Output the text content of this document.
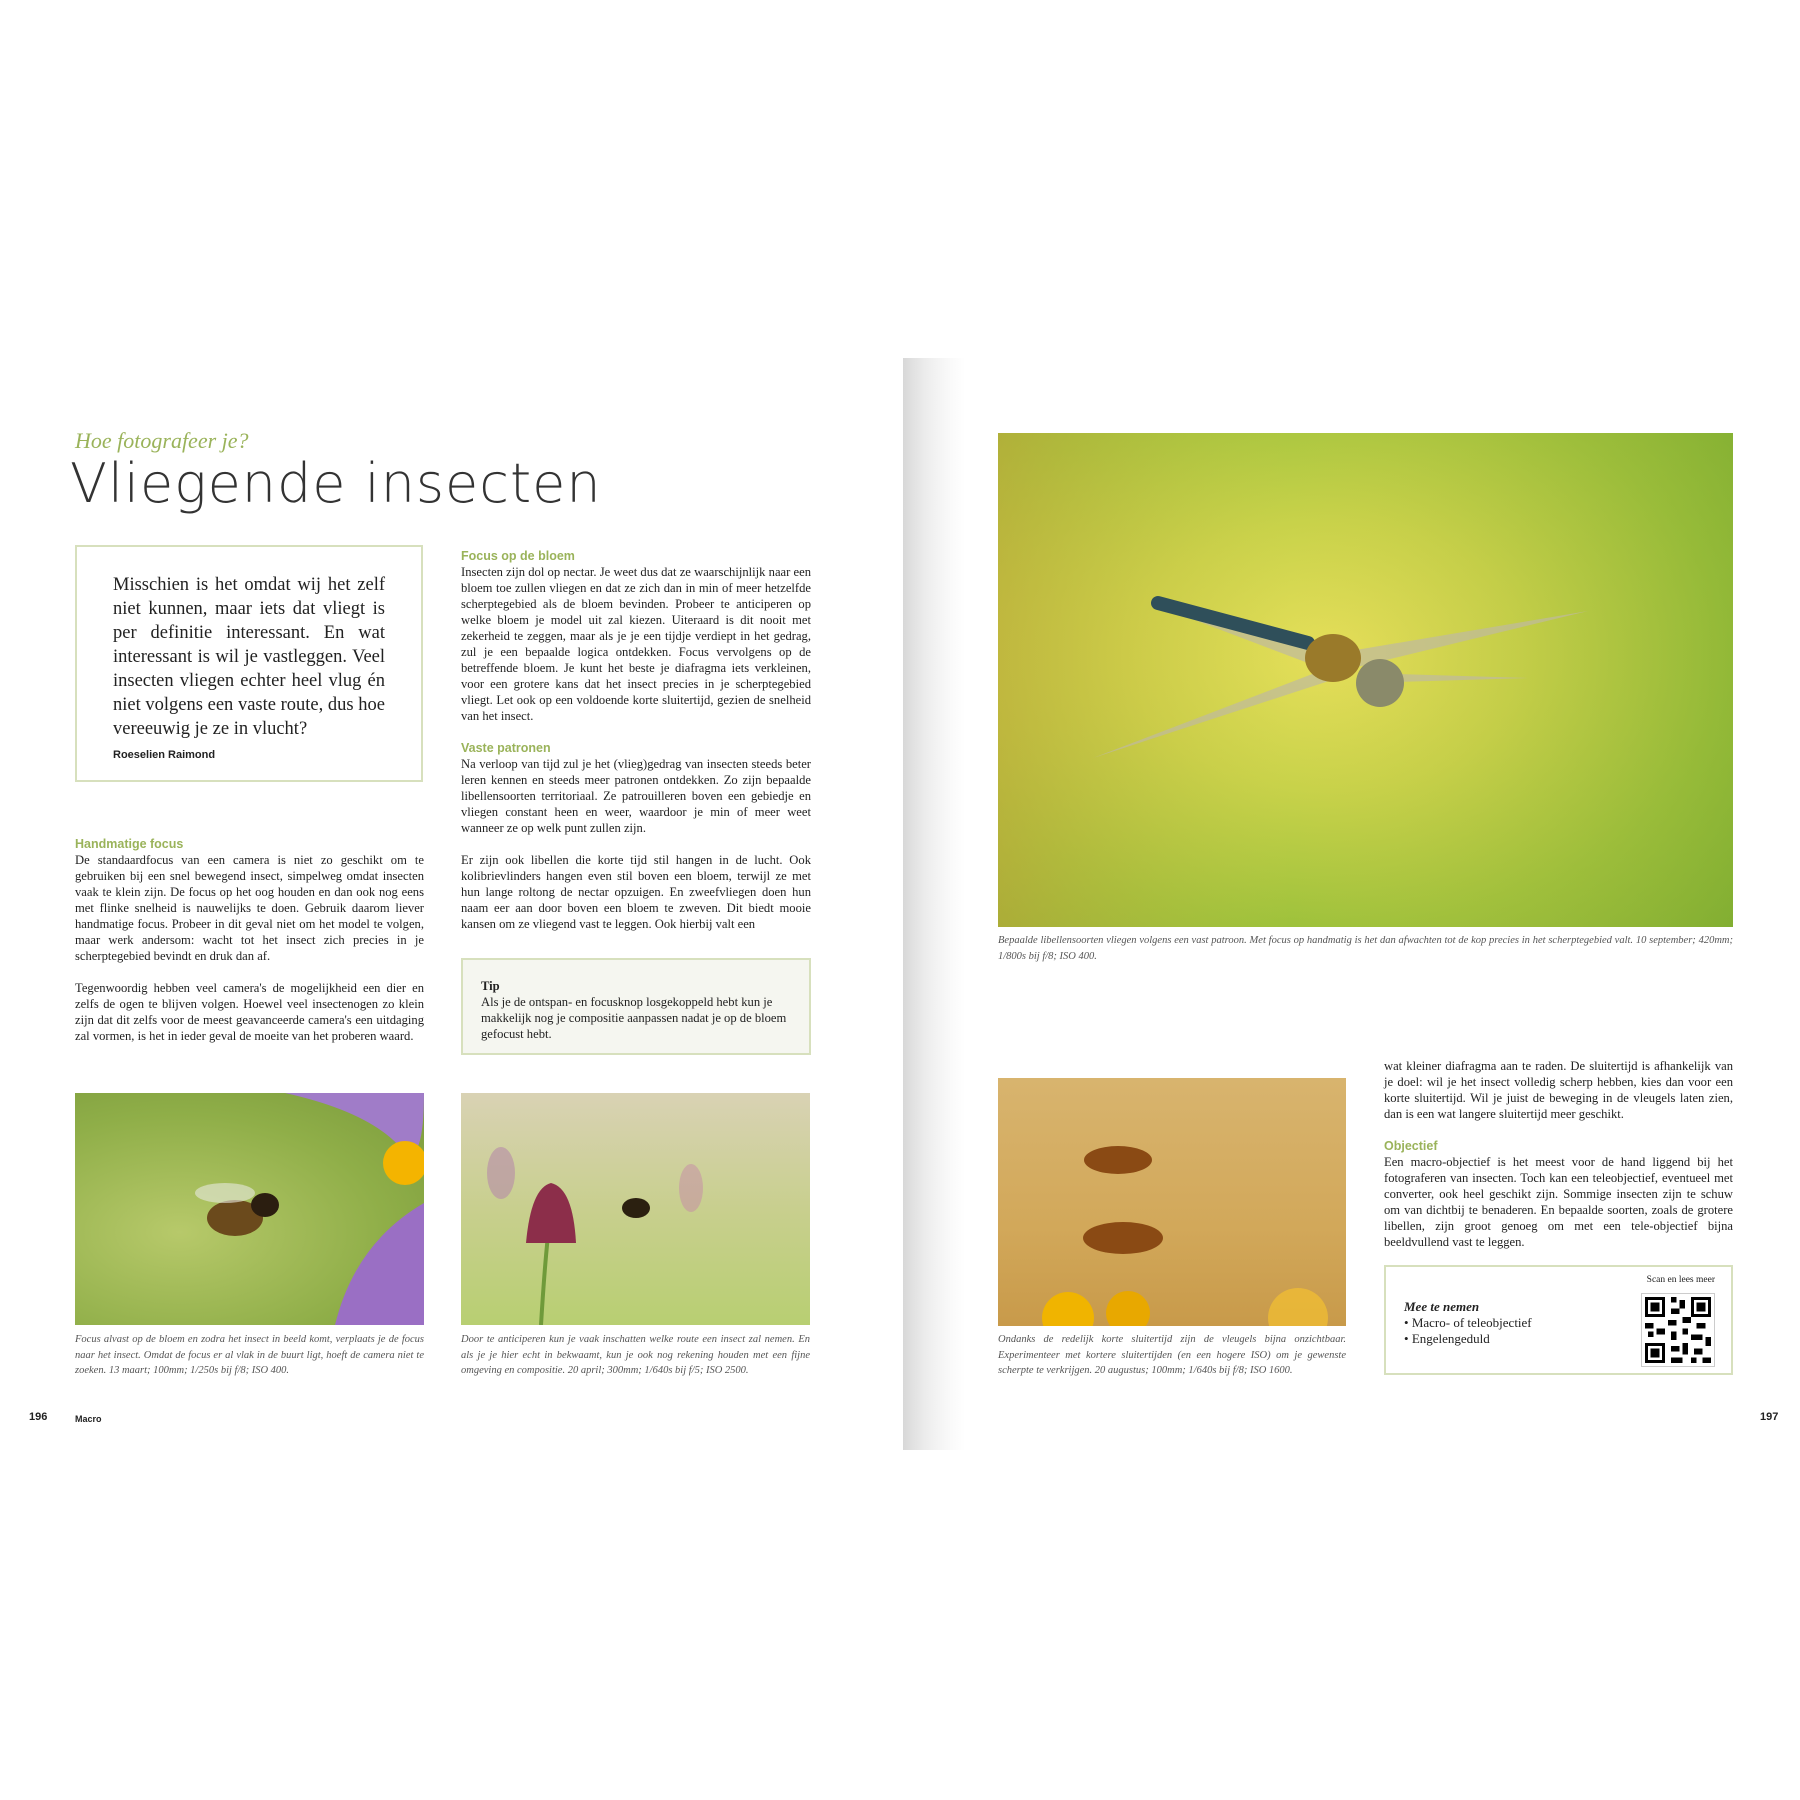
Hoe fotografeer je?
Vliegende insecten
Misschien is het omdat wij het zelf niet kunnen, maar iets dat vliegt is per definitie interessant. En wat interessant is wil je vastleggen. Veel insecten vliegen echter heel vlug én niet volgens een vaste route, dus hoe vereeuwig je ze in vlucht?
Roeselien Raimond
Focus op de bloem

Insecten zijn dol op nectar. Je weet dus dat ze waarschijnlijk naar een bloem toe zullen vliegen en dat ze zich dan in min of meer hetzelfde scherptegebied als de bloem bevinden. Probeer te anticiperen op welke bloem je model uit zal kiezen. Uiteraard is dit nooit met zekerheid te zeggen, maar als je je een tijdje verdiept in het gedrag, zul je een bepaalde logica ontdekken. Focus vervolgens op de betreffende bloem. Je kunt het beste je diafragma iets verkleinen, voor een grotere kans dat het insect precies in je scherptegebied vliegt. Let ook op een voldoende korte sluitertijd, gezien de snelheid van het insect.

Vaste patronen

Na verloop van tijd zul je het (vlieg)gedrag van insecten steeds beter leren kennen en steeds meer patronen ontdekken. Zo zijn bepaalde libellensoorten territoriaal. Ze patrouilleren boven een gebiedje en vliegen constant heen en weer, waardoor je min of meer weet wanneer ze op welk punt zullen zijn.

Er zijn ook libellen die korte tijd stil hangen in de lucht. Ook kolibrievlinders hangen even stil boven een bloem, terwijl ze met hun lange roltong de nectar opzuigen. En zweefvliegen doen hun naam eer aan door boven een bloem te zweven. Dit biedt mooie kansen om ze vliegend vast te leggen. Ook hierbij valt een

Handmatige focus

De standaardfocus van een camera is niet zo geschikt om te gebruiken bij een snel bewegend insect, simpelweg omdat insecten vaak te klein zijn. De focus op het oog houden en dan ook nog eens met flinke snelheid is nauwelijks te doen. Gebruik daarom liever handmatige focus. Probeer in dit geval niet om het model te volgen, maar werk andersom: wacht tot het insect zich precies in je scherptegebied bevindt en druk dan af.

Tegenwoordig hebben veel camera's de mogelijkheid een dier en zelfs de ogen te blijven volgen. Hoewel veel insectenogen zo klein zijn dat dit zelfs voor de meest geavanceerde camera's een uitdaging zal vormen, is het in ieder geval de moeite van het proberen waard.

Tip
Als je de ontspan- en focusknop losgekoppeld hebt kun je makkelijk nog je compositie aanpassen nadat je op de bloem gefocust hebt.
Focus alvast op de bloem en zodra het insect in beeld komt, verplaats je de focus naar het insect. Omdat de focus er al vlak in de buurt ligt, hoeft de camera niet te zoeken. 13 maart; 100mm; 1/250s bij f/8; ISO 400.
Door te anticiperen kun je vaak inschatten welke route een insect zal nemen. En als je je hier echt in bekwaamt, kun je ook nog rekening houden met een fijne omgeving en compositie. 20 april; 300mm; 1/640s bij f/5; ISO 2500.
196	Macro
Bepaalde libellensoorten vliegen volgens een vast patroon. Met focus op handmatig is het dan afwachten tot de kop precies in het scherptegebied valt. 10 september; 420mm; 1/800s bij f/8; ISO 400.
Ondanks de redelijk korte sluitertijd zijn de vleugels bijna onzichtbaar. Experimenteer met kortere sluitertijden (en een hogere ISO) om je gewenste scherpte te verkrijgen. 20 augustus; 100mm; 1/640s bij f/8; ISO 1600.

wat kleiner diafragma aan te raden. De sluitertijd is afhankelijk van je doel: wil je het insect volledig scherp hebben, kies dan voor een korte sluitertijd. Wil je juist de beweging in de vleugels laten zien, dan is een wat langere sluitertijd meer geschikt.

Objectief

Een macro-objectief is het meest voor de hand liggend bij het fotograferen van insecten. Toch kan een teleobjectief, eventueel met converter, ook heel geschikt zijn. Sommige insecten zijn te schuw om van dichtbij te benaderen. En bepaalde soorten, zoals de grotere libellen, zijn groot genoeg om met een tele-objectief bijna beeldvullend vast te leggen.

Mee te nemen
• Macro- of teleobjectief
• Engelengeduld
Scan en lees meer
197
